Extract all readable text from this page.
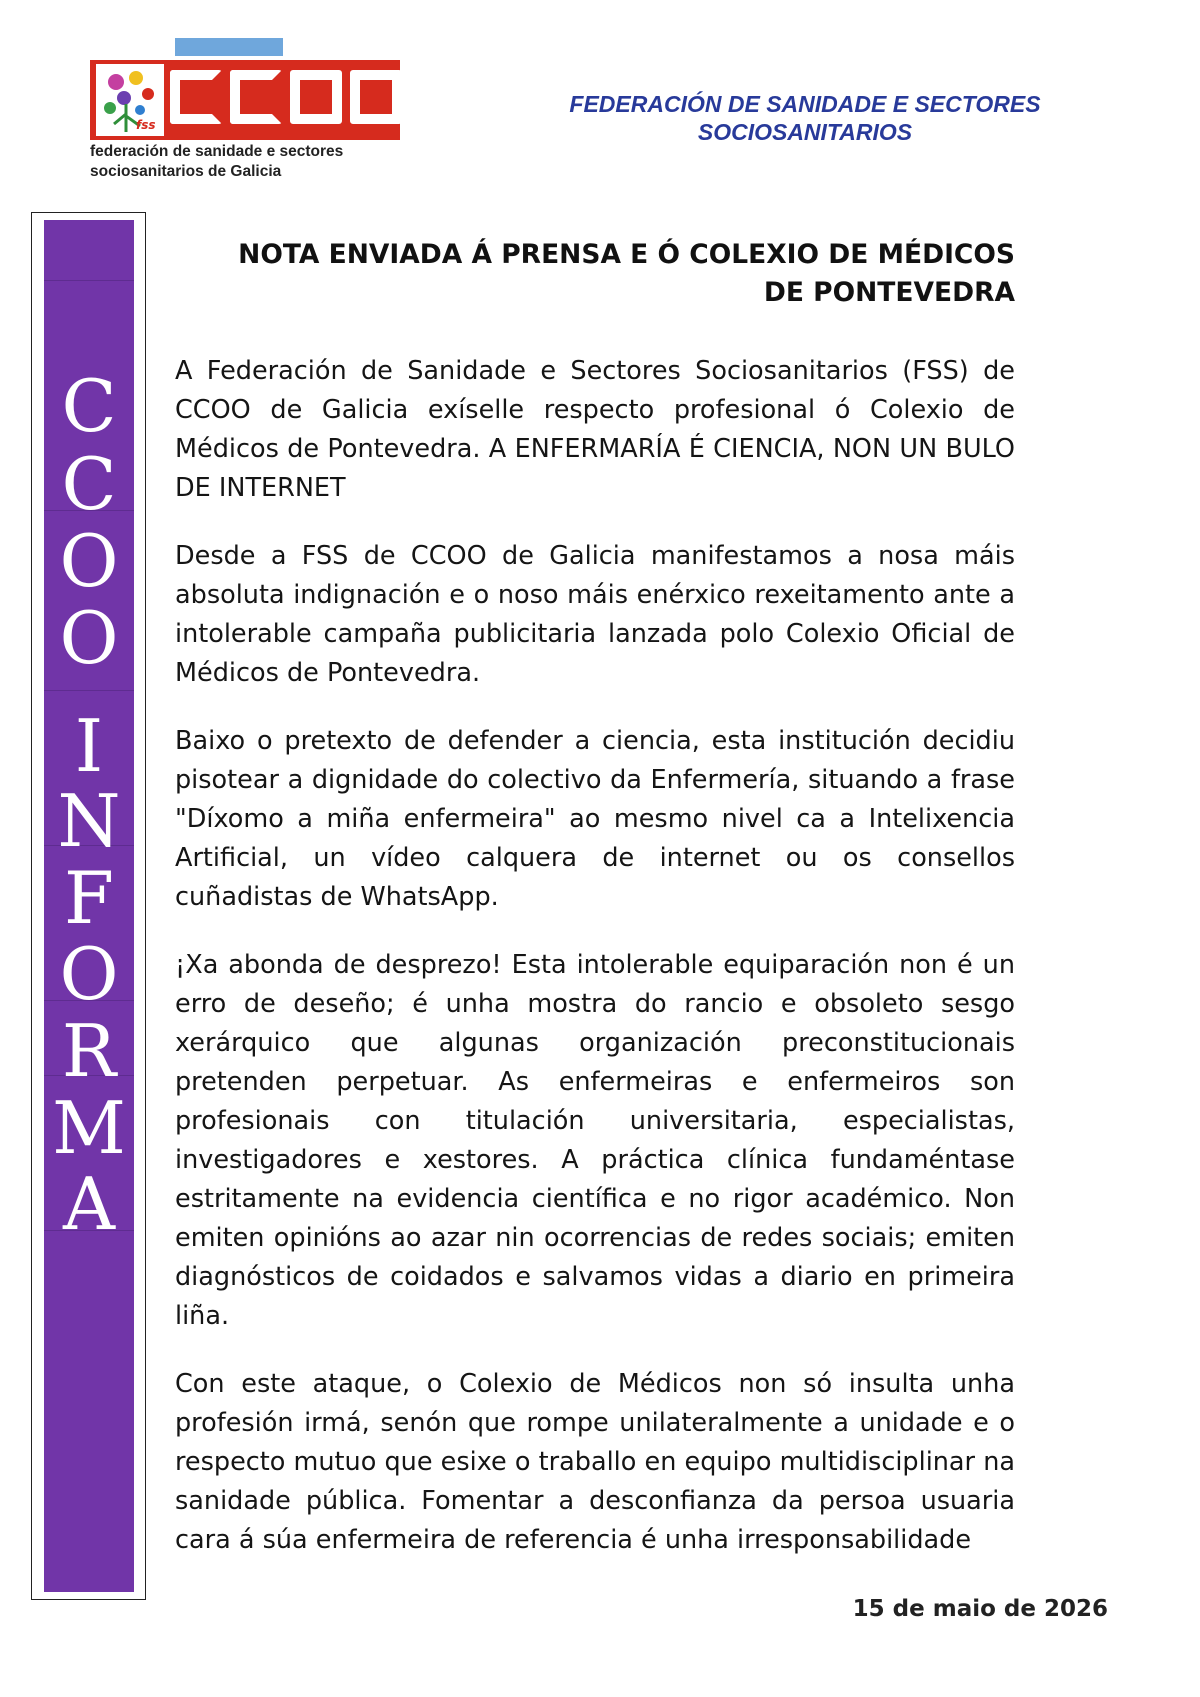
fss
federación de sanidade e sectores
sociosanitarios de Galicia
FEDERACIÓN DE SANIDADE E SECTORES
SOCIOSANITARIOS
C
C
O
O
I
N
F
O
R
M
A
NOTA ENVIADA Á PRENSA E Ó COLEXIO DE MÉDICOS
DE PONTEVEDRA

A Federación de Sanidade e Sectores Sociosanitarios (FSS) de CCOO de Galicia exíselle respecto profesional ó Colexio de Médicos de Pontevedra. A ENFERMARÍA É CIENCIA, NON UN BULO DE INTERNET

Desde a FSS de CCOO de Galicia manifestamos a nosa máis absoluta indignación e o noso máis enérxico rexeitamento ante a intolerable campaña publicitaria lanzada polo Colexio Oficial de Médicos de Pontevedra.

Baixo o pretexto de defender a ciencia, esta institución decidiu pisotear a dignidade do colectivo da Enfermería, situando a frase "Díxomo a miña enfermeira" ao mesmo nivel ca a Intelixencia Artificial, un vídeo calquera de internet ou os consellos cuñadistas de WhatsApp.

¡Xa abonda de desprezo! Esta intolerable equiparación non é un erro de deseño; é unha mostra do rancio e obsoleto sesgo xerárquico que algunas organización preconstitucionais pretenden perpetuar. As enfermeiras e enfermeiros son profesionais con titulación universitaria, especialistas, investigadores e xestores. A práctica clínica fundaméntase estritamente na evidencia científica e no rigor académico. Non emiten opinións ao azar nin ocorrencias de redes sociais; emiten diagnósticos de coidados e salvamos vidas a diario en primeira liña.

Con este ataque, o Colexio de Médicos non só insulta unha profesión irmá, senón que rompe unilateralmente a unidade e o respecto mutuo que esixe o traballo en equipo multidisciplinar na sanidade pública. Fomentar a desconfianza da persoa usuaria cara á súa enfermeira de referencia é unha irresponsabilidade

15 de maio de 2026
